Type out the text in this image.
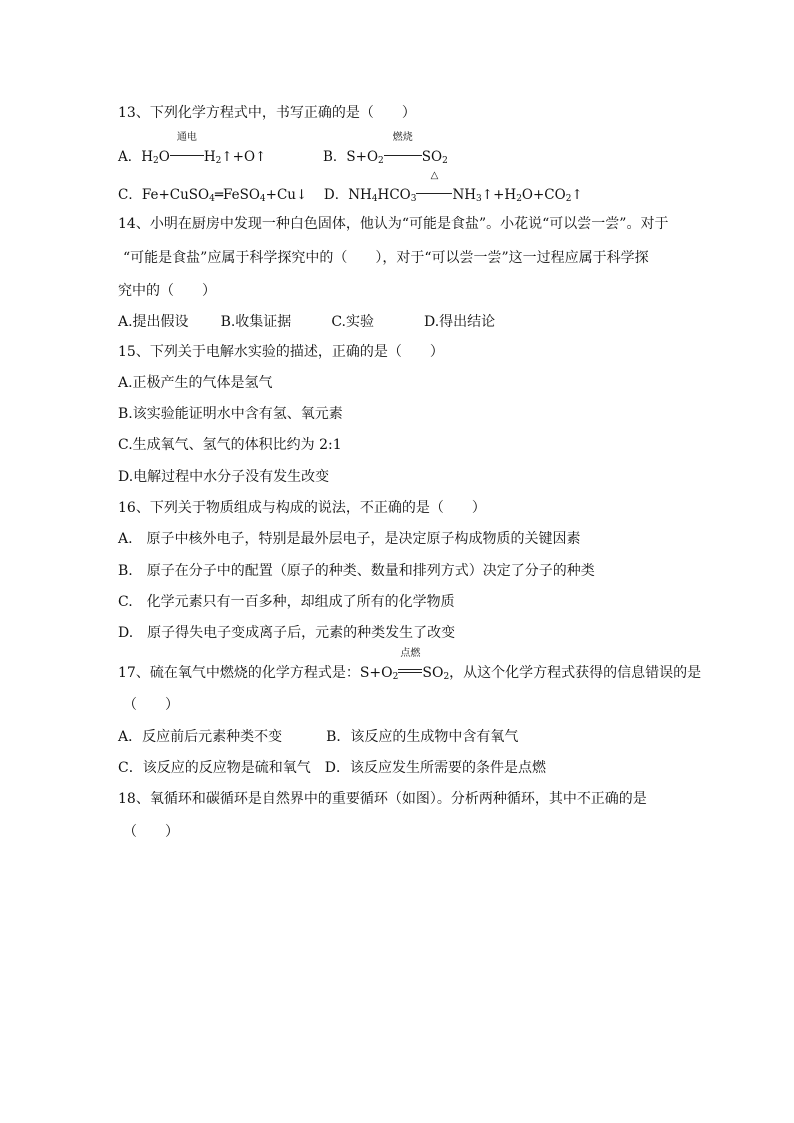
13、下列化学方程式中，书写正确的是（　　）
A．$H_2O$
通电
$H_2↑+O↑$	B．$S+O_2$
燃烧
$SO_2$
C．Fe+CuSO$_4$═FeSO$_4$+Cu↓ D．$NH_4HCO_3$
△
$NH_3↑+H_2O+CO_2↑$
14、小明在厨房中发现一种白色固体，他认为“可能是食盐”。小花说“可以尝一尝”。对于
“可能是食盐”应属于科学探究中的（　　），对于“可以尝一尝”这一过程应属于科学探
究中的（　　）
A.提出假设 B.收集证据	C.实验	D.得出结论
15、下列关于电解水实验的描述，正确的是（　　）
A.正极产生的气体是氢气
B.该实验能证明水中含有氢、氧元素
C.生成氧气、氢气的体积比约为 2:1
D.电解过程中水分子没有发生改变
16、下列关于物质组成与构成的说法，不正确的是（　　）
A.　原子中核外电子，特别是最外层电子，是决定原子构成物质的关键因素
B.　原子在分子中的配置（原子的种类、数量和排列方式）决定了分子的种类
C.　化学元素只有一百多种，却组成了所有的化学物质
D.　原子得失电子变成离子后，元素的种类发生了改变
17、硫在氧气中燃烧的化学方程式是：$S+O_2$
点燃
$SO_2$，从这个化学方程式获得的信息错误的是
（　　）
A．反应前后元素种类不变	B．该反应的生成物中含有氧气
C．该反应的反应物是硫和氧气 D．该反应发生所需要的条件是点燃
18、氧循环和碳循环是自然界中的重要循环（如图）。分析两种循环，其中不正确的是
（　　）
